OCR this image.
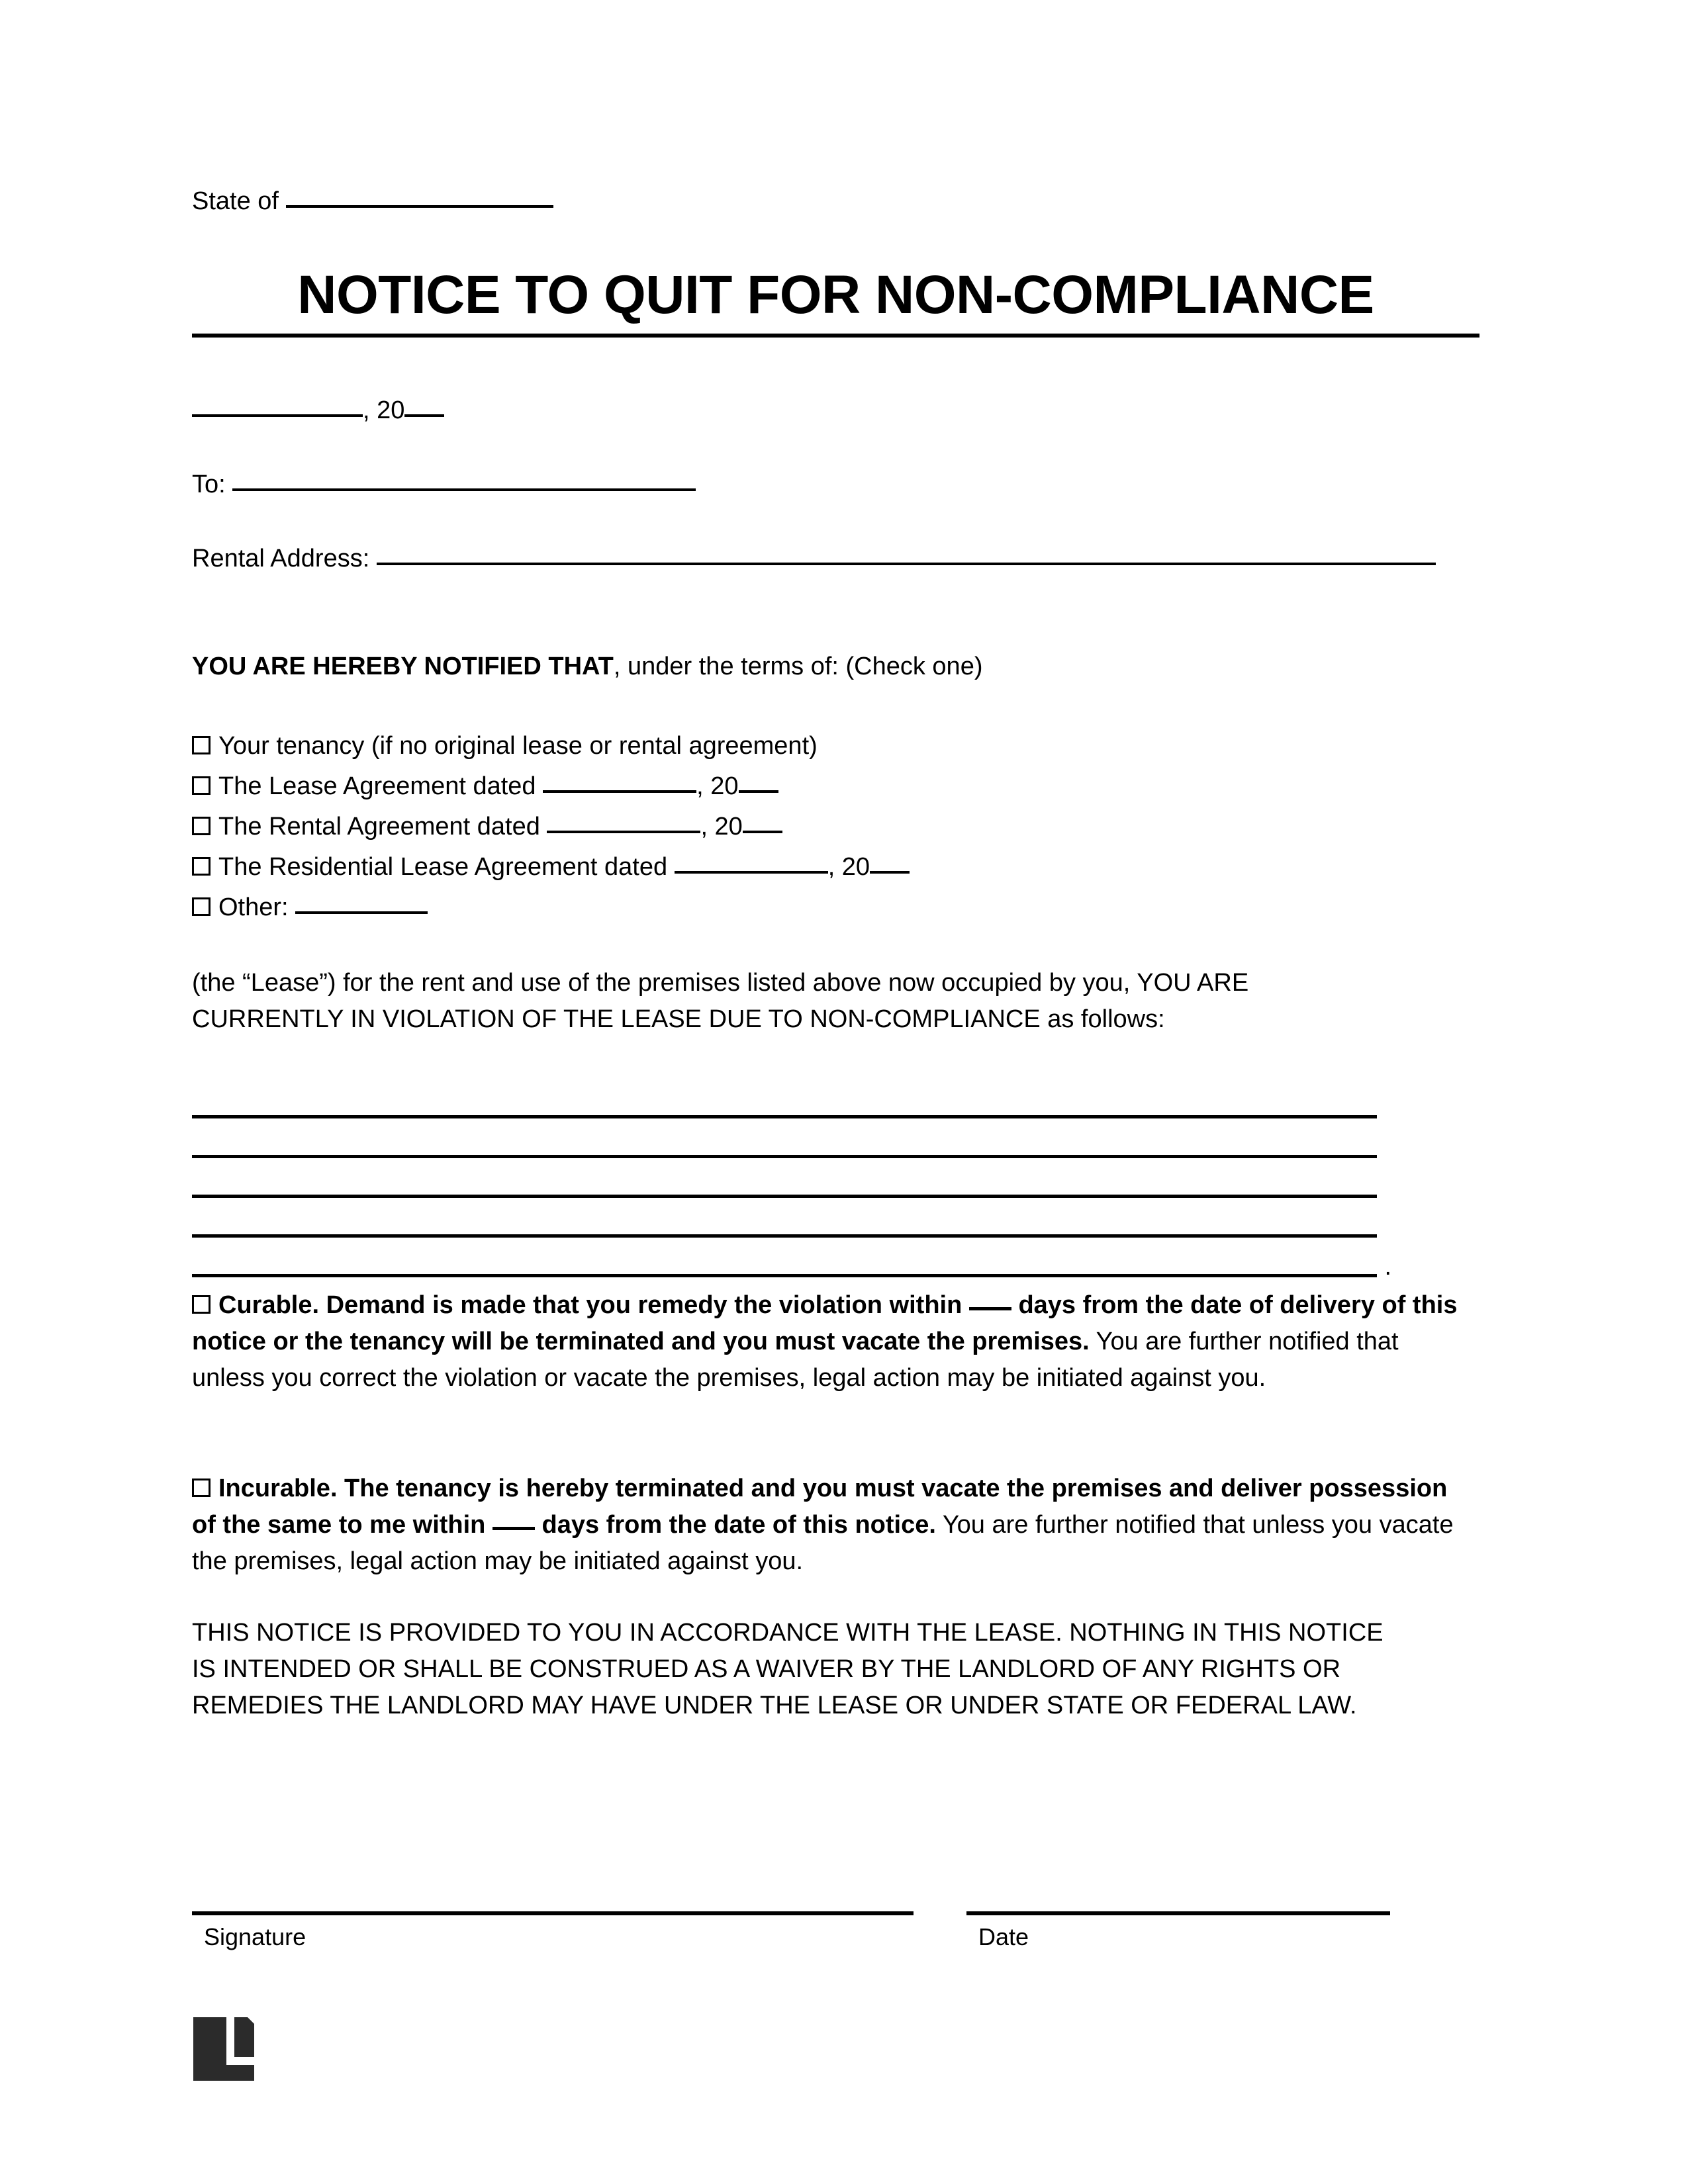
State of
NOTICE TO QUIT FOR NON-COMPLIANCE
, 20
To:
Rental Address:
YOU ARE HEREBY NOTIFIED THAT, under the terms of: (Check one)
Your tenancy (if no original lease or rental agreement)
The Lease Agreement dated	, 20
The Rental Agreement dated	, 20
The Residential Lease Agreement dated	, 20
Other:
(the “Lease”) for the rent and use of the premises listed above now occupied by you, YOU ARE CURRENTLY IN VIOLATION OF THE LEASE DUE TO NON-COMPLIANCE as follows:
.
Curable. Demand is made that you remedy the violation within days from the date of delivery of this notice or the tenancy will be terminated and you must vacate the premises. You are further notified that unless you correct the violation or vacate the premises, legal action may be initiated against you.
Incurable. The tenancy is hereby terminated and you must vacate the premises and deliver possession of the same to me within days from the date of this notice. You are further notified that unless you vacate the premises, legal action may be initiated against you.
THIS NOTICE IS PROVIDED TO YOU IN ACCORDANCE WITH THE LEASE. NOTHING IN THIS NOTICE IS INTENDED OR SHALL BE CONSTRUED AS A WAIVER BY THE LANDLORD OF ANY RIGHTS OR REMEDIES THE LANDLORD MAY HAVE UNDER THE LEASE OR UNDER STATE OR FEDERAL LAW.
Signature	Date
